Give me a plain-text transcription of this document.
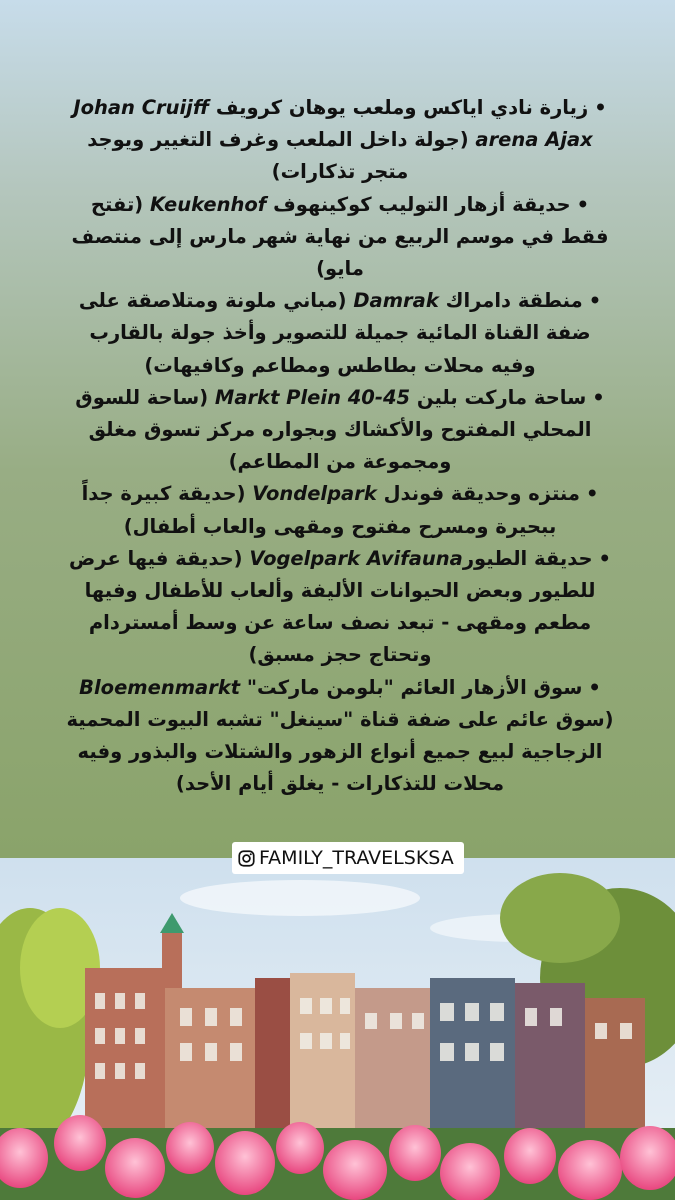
•زيارة نادي اياكس وملعب يوهان كرويف Johan Cruijff arena Ajax (جولة داخل الملعب وغرف التغيير ويوجد متجر تذكارات)
•حديقة أزهار التوليب كوكينهوف Keukenhof (تفتح فقط في موسم الربيع من نهاية شهر مارس إلى منتصف مايو)
•منطقة دامراك Damrak (مباني ملونة ومتلاصقة على ضفة القناة المائية جميلة للتصوير وأخذ جولة بالقارب وفيه محلات بطاطس ومطاعم وكافيهات)
•ساحة ماركت بلين Markt Plein 40-45 (ساحة للسوق المحلي المفتوح والأكشاك وبجواره مركز تسوق مغلق ومجموعة من المطاعم)
•منتزه وحديقة فوندل Vondelpark (حديقة كبيرة جداً ببحيرة ومسرح مفتوح ومقهى والعاب أطفال)
•حديقة الطيورVogelpark Avifauna (حديقة فيها عرض للطيور وبعض الحيوانات الأليفة وألعاب للأطفال وفيها مطعم ومقهى - تبعد نصف ساعة عن وسط أمستردام وتحتاج حجز مسبق)
•سوق الأزهار العائم "بلومن ماركت" Bloemenmarkt (سوق عائم على ضفة قناة "سينغل" تشبه البيوت المحمية الزجاجية لبيع جميع أنواع الزهور والشتلات والبذور وفيه محلات للتذكارات - يغلق أيام الأحد)
FAMILY_TRAVELSKSA
